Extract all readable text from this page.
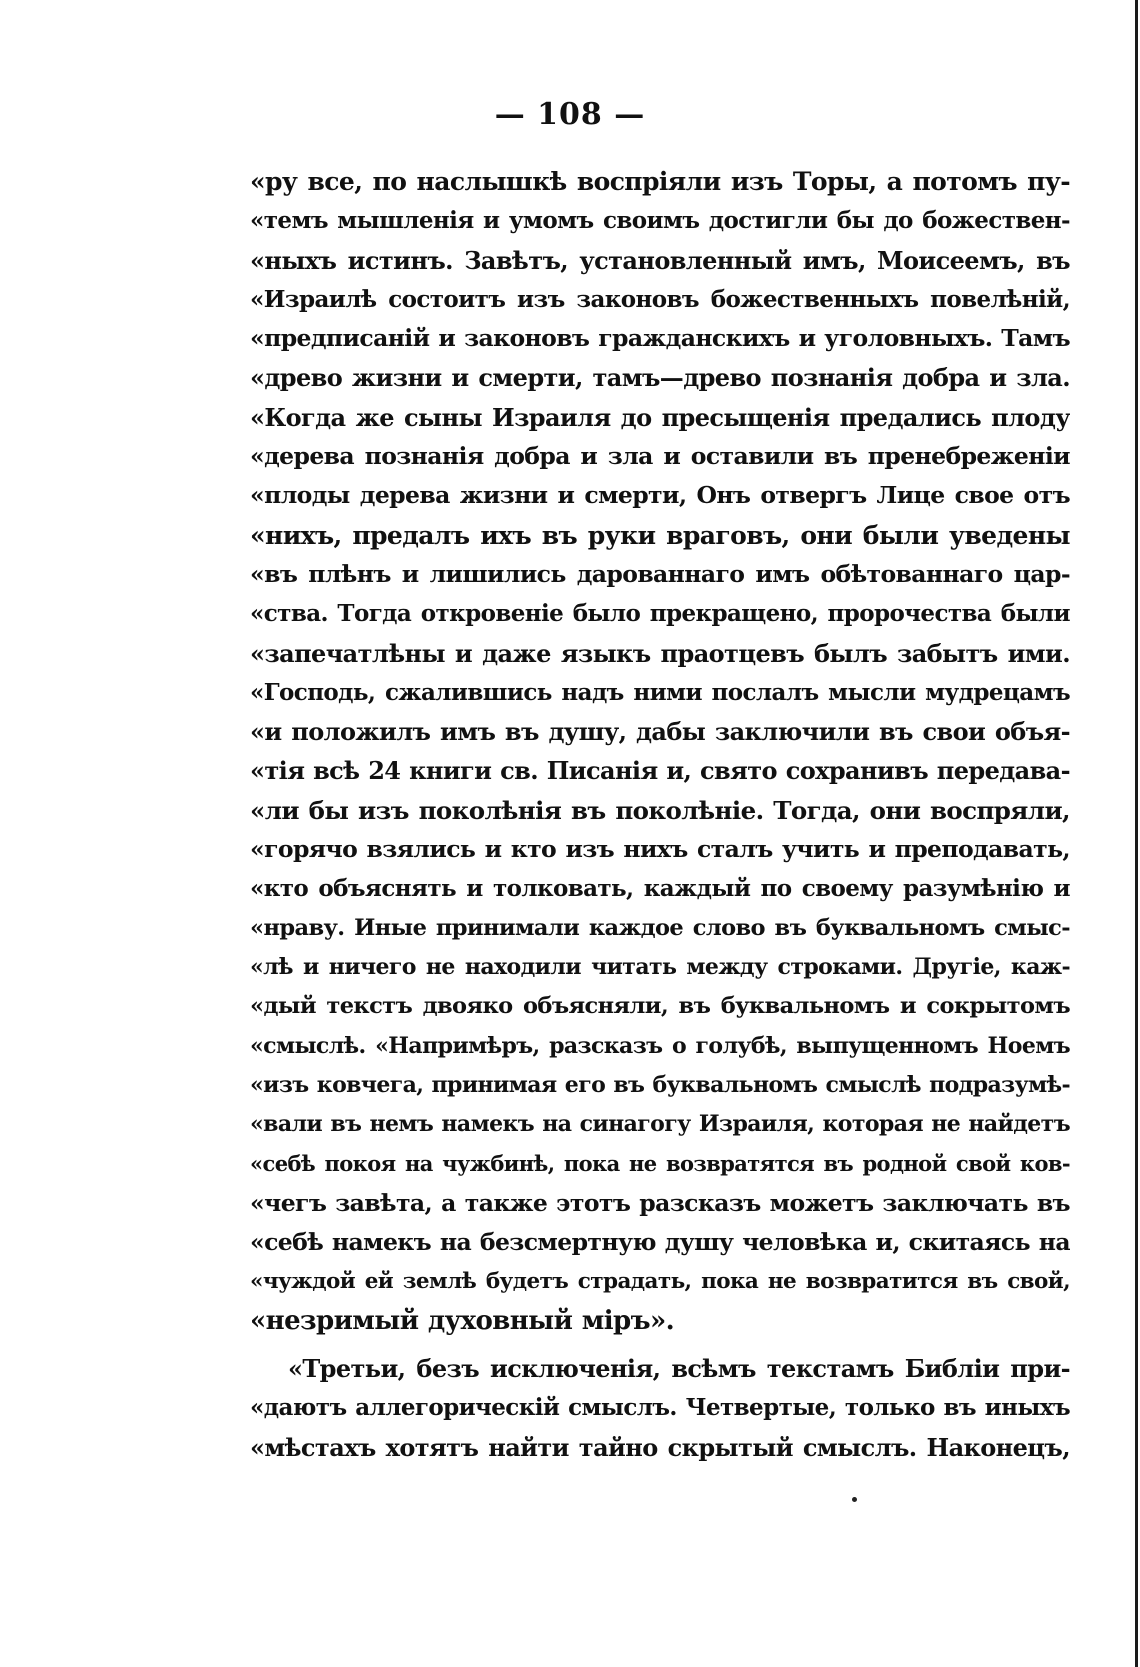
— 108 —
«ру все, по наслышкѣ воспріяли изъ Торы, а потомъ пу-
«темъ мышленія и умомъ своимъ достигли бы до божествен-
«ныхъ истинъ. Завѣтъ, установленный имъ, Моисеемъ, въ
«Израилѣ состоитъ изъ законовъ божественныхъ повелѣній,
«предписаній и законовъ гражданскихъ и уголовныхъ. Тамъ
«древо жизни и смерти, тамъ—древо познанія добра и зла.
«Когда же сыны Израиля до пресыщенія предались плоду
«дерева познанія добра и зла и оставили въ пренебреженіи
«плоды дерева жизни и смерти, Онъ отвергъ Лице свое отъ
«нихъ, предалъ ихъ въ руки враговъ, они были уведены
«въ плѣнъ и лишились дарованнаго имъ обѣтованнаго цар-
«ства. Тогда откровеніе было прекращено, пророчества были
«запечатлѣны и даже языкъ праотцевъ былъ забытъ ими.
«Господь, сжалившись надъ ними послалъ мысли мудрецамъ
«и положилъ имъ въ душу, дабы заключили въ свои объя-
«тія всѣ 24 книги св. Писанія и, свято сохранивъ передава-
«ли бы изъ поколѣнія въ поколѣніе. Тогда, они воспряли,
«горячо взялись и кто изъ нихъ сталъ учить и преподавать,
«кто объяснять и толковать, каждый по своему разумѣнію и
«нраву. Иные принимали каждое слово въ буквальномъ смыс-
«лѣ и ничего не находили читать между строками. Другіе, каж-
«дый текстъ двояко объясняли, въ буквальномъ и сокрытомъ
«смыслѣ. «Напримѣръ, разсказъ о голубѣ, выпущенномъ Ноемъ
«изъ ковчега, принимая его въ буквальномъ смыслѣ подразумѣ-
«вали въ немъ намекъ на синагогу Израиля, которая не найдетъ
«себѣ покоя на чужбинѣ, пока не возвратятся въ родной свой ков-
«чегъ завѣта, а также этотъ разсказъ можетъ заключать въ
«себѣ намекъ на безсмертную душу человѣка и, скитаясь на
«чуждой ей землѣ будетъ страдать, пока не возвратится въ свой,
«незримый духовный міръ».
«Третьи, безъ исключенія, всѣмъ текстамъ Библіи при-
«даютъ аллегорическій смыслъ. Четвертые, только въ иныхъ
«мѣстахъ хотятъ найти тайно скрытый смыслъ. Наконецъ,
